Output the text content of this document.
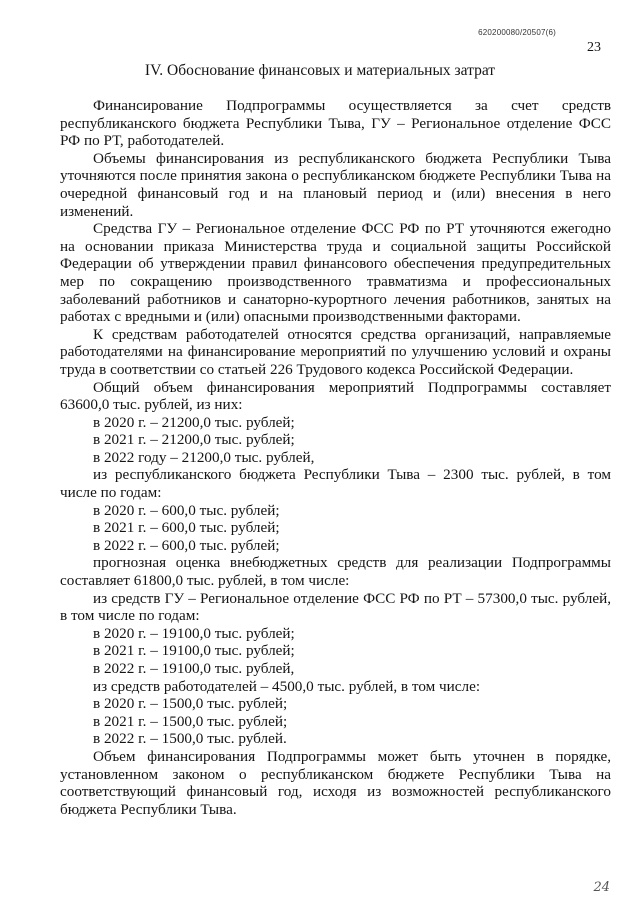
620200080/20507(6)
23
IV. Обоснование финансовых и материальных затрат

Финансирование Подпрограммы осуществляется за счет средств республиканского бюджета Республики Тыва, ГУ – Региональное отделение ФСС РФ по РТ, работодателей.

Объемы финансирования из республиканского бюджета Республики Тыва уточняются после принятия закона о республиканском бюджете Республики Тыва на очередной финансовый год и на плановый период и (или) внесения в него изменений.

Средства ГУ – Региональное отделение ФСС РФ по РТ уточняются ежегодно на основании приказа Министерства труда и социальной защиты Российской Федерации об утверждении правил финансового обеспечения предупредительных мер по сокращению производственного травматизма и профессиональных заболеваний работников и санаторно-курортного лечения работников, занятых на работах с вредными и (или) опасными производственными факторами.

К средствам работодателей относятся средства организаций, направляемые работодателями на финансирование мероприятий по улучшению условий и охраны труда в соответствии со статьей 226 Трудового кодекса Российской Федерации.

Общий объем финансирования мероприятий Подпрограммы составляет 63600,0 тыс. рублей, из них:

в 2020 г. – 21200,0 тыс. рублей;

в 2021 г. – 21200,0 тыс. рублей;

в 2022 году – 21200,0 тыс. рублей,

из республиканского бюджета Республики Тыва – 2300 тыс. рублей, в том числе по годам:

в 2020 г. – 600,0 тыс. рублей;

в 2021 г. – 600,0 тыс. рублей;

в 2022 г. – 600,0 тыс. рублей;

прогнозная оценка внебюджетных средств для реализации Подпрограммы составляет 61800,0 тыс. рублей, в том числе:

из средств ГУ – Региональное отделение ФСС РФ по РТ – 57300,0 тыс. рублей, в том числе по годам:

в 2020 г. – 19100,0 тыс. рублей;

в 2021 г. – 19100,0 тыс. рублей;

в 2022 г. – 19100,0 тыс. рублей,

из средств работодателей – 4500,0 тыс. рублей, в том числе:

в 2020 г. – 1500,0 тыс. рублей;

в 2021 г. – 1500,0 тыс. рублей;

в 2022 г. – 1500,0 тыс. рублей.

Объем финансирования Подпрограммы может быть уточнен в порядке, установленном законом о республиканском бюджете Республики Тыва на соответствующий финансовый год, исходя из возможностей республиканского бюджета Республики Тыва.

24
